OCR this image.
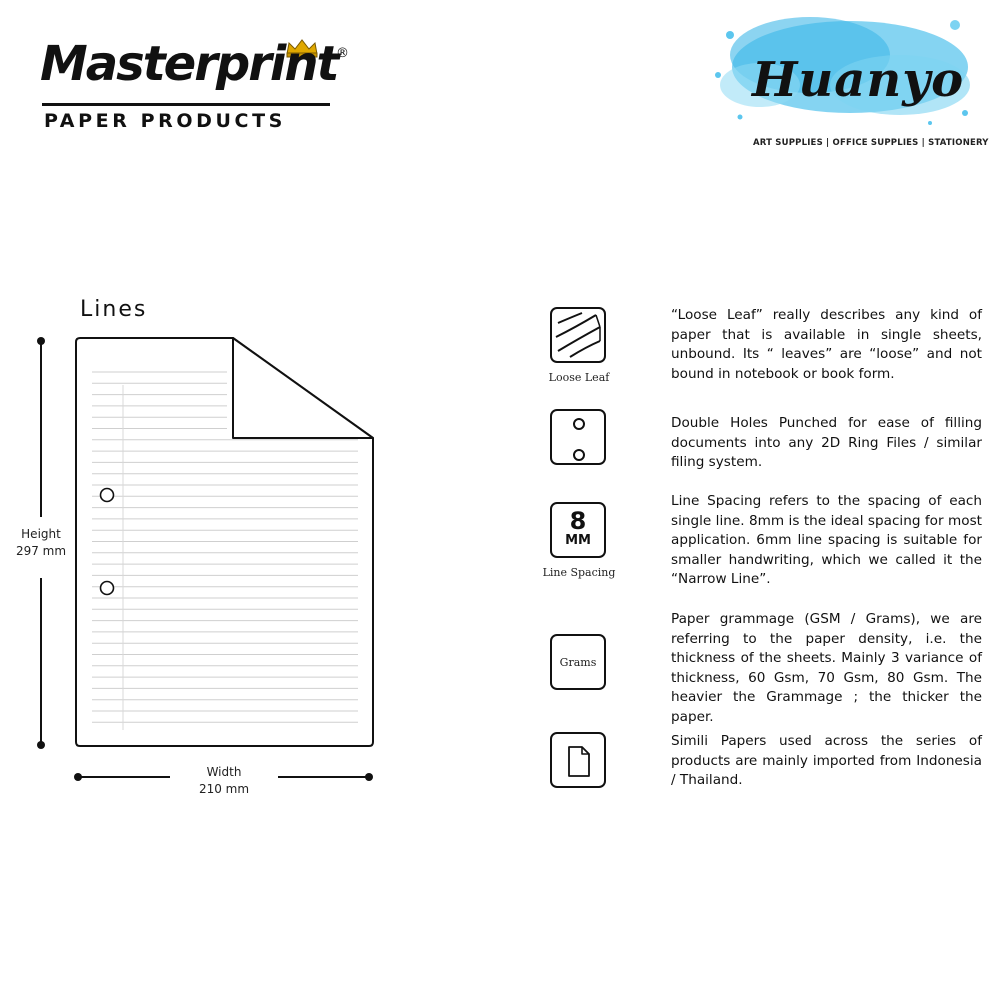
Masterprint
®
PAPER PRODUCTS
Huanyo
ART SUPPLIES | OFFICE SUPPLIES | STATIONERY
Lines
Height
297 mm
Width
210 mm
Loose Leaf
“Loose Leaf” really describes any kind of paper that is available in single sheets, unbound. Its “ leaves” are “loose” and not bound in notebook or book form.
Double Holes Punched for ease of filling documents into any 2D Ring Files / similar filing system.
8
MM
Line Spacing
Line Spacing refers to the spacing of each single line. 8mm is the ideal spacing for most application. 6mm line spacing is suitable for smaller handwriting, which we called it the “Narrow Line”.
Grams
Paper grammage (GSM / Grams), we are referring to the paper density, i.e. the thickness of the sheets. Mainly 3 variance of thickness, 60 Gsm, 70 Gsm, 80 Gsm. The heavier the Grammage ; the thicker the paper.
Simili Papers used across the series of products are mainly imported from Indonesia / Thailand.
